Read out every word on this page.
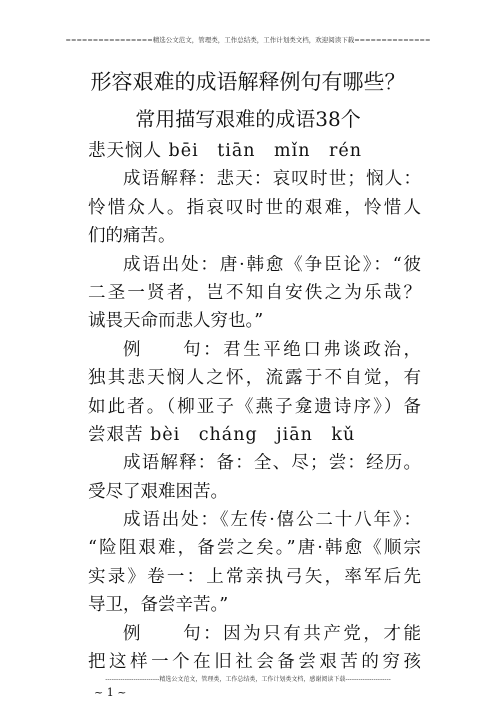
================精选公文范文，管理类，工作总结类，工作计划类文档，欢迎阅读下载==============
形容艰难的成语解释例句有哪些？
常用描写艰难的成语38个
悲天悯人 bēi　tiān　mǐn　rén
成语解释：悲天：哀叹时世；悯人：
怜惜众人。指哀叹时世的艰难，怜惜人
们的痛苦。
成语出处：唐·韩愈《争臣论》：“彼
二圣一贤者，岂不知自安佚之为乐哉？
诚畏天命而悲人穷也。”
例　　句：君生平绝口弗谈政治，
独其悲天悯人之怀，流露于不自觉，有
如此者。（柳亚子《燕子龛遗诗序》）备
尝艰苦 bèi　cháng　jiān　kǔ
成语解释：备：全、尽；尝：经历。
受尽了艰难困苦。
成语出处：《左传·僖公二十八年》：
“险阻艰难，备尝之矣。”唐·韩愈《顺宗
实录》卷一：上常亲执弓矢，率军后先
导卫，备尝辛苦。”
例　　句：因为只有共产党，才能
把这样一个在旧社会备尝艰苦的穷孩
-------------------------精选公文范文，管理类，工作总结类，工作计划类文档，感谢阅读下载---------------------
~ 1 ~
